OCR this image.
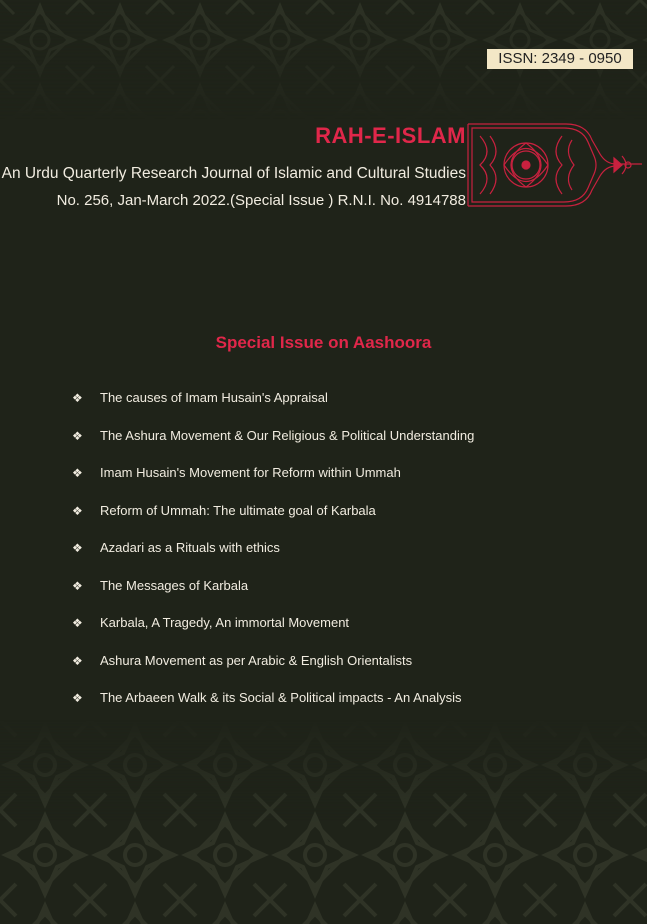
ISSN: 2349 - 0950
RAH-E-ISLAM

An Urdu Quarterly Research Journal of Islamic and Cultural Studies

No. 256, Jan-March 2022.(Special Issue ) R.N.I. No. 4914788

Special Issue on Aashoora
❖	The causes of Imam Husain's Appraisal
❖	The Ashura Movement & Our Religious & Political Understanding
❖	Imam Husain's Movement for Reform within Ummah
❖	Reform of Ummah: The ultimate goal of Karbala
❖	Azadari as a Rituals with ethics
❖	The Messages of Karbala
❖	Karbala, A Tragedy, An immortal Movement
❖	Ashura Movement as per Arabic & English Orientalists
❖	The Arbaeen Walk & its Social & Political impacts - An Analysis
